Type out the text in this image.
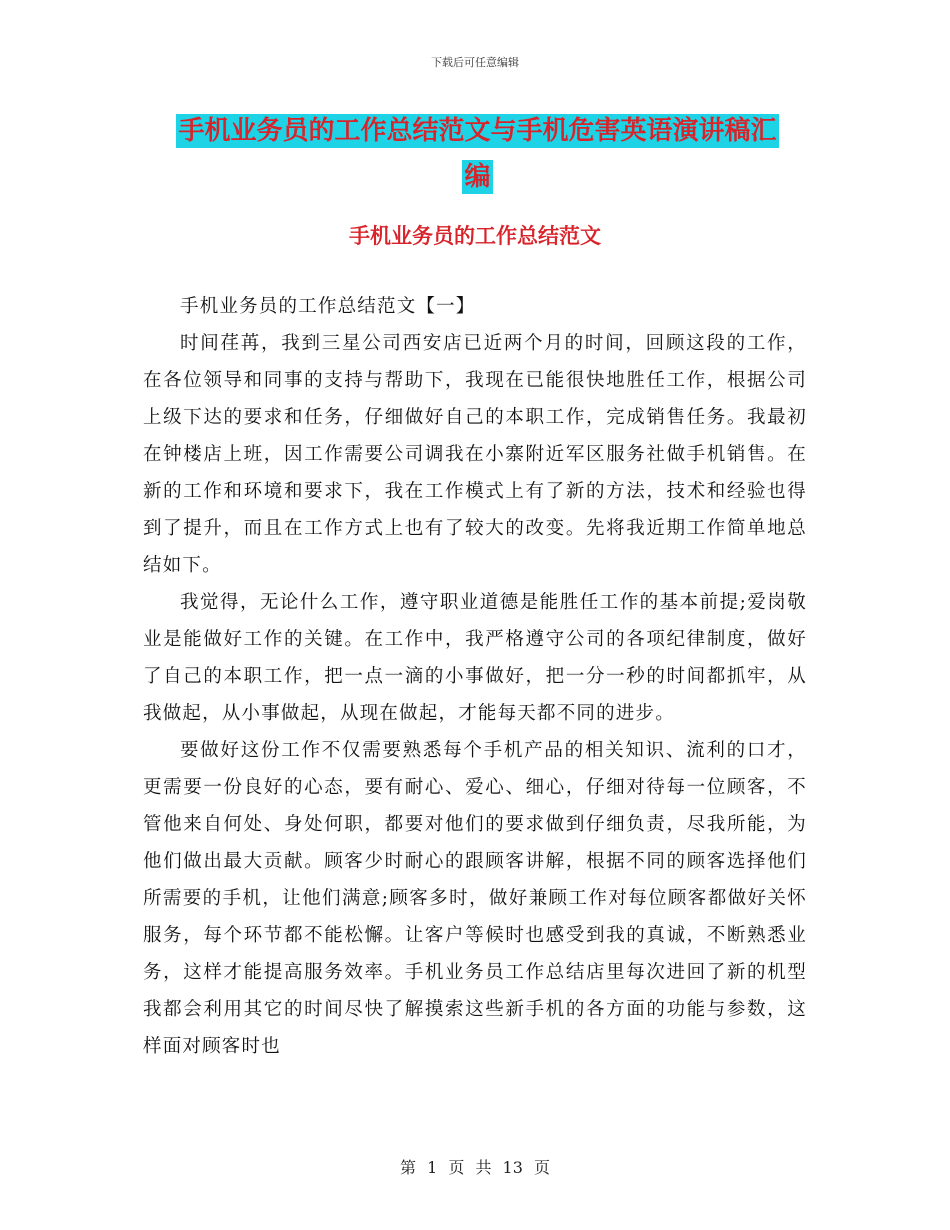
下载后可任意编辑
手机业务员的工作总结范文与手机危害英语演讲稿汇
编
手机业务员的工作总结范文

手机业务员的工作总结范文【一】

时间荏苒，我到三星公司西安店已近两个月的时间，回顾这段的工作，在各位领导和同事的支持与帮助下，我现在已能很快地胜任工作，根据公司上级下达的要求和任务，仔细做好自己的本职工作，完成销售任务。我最初在钟楼店上班，因工作需要公司调我在小寨附近军区服务社做手机销售。在新的工作和环境和要求下，我在工作模式上有了新的方法，技术和经验也得到了提升，而且在工作方式上也有了较大的改变。先将我近期工作简单地总结如下。

我觉得，无论什么工作，遵守职业道德是能胜任工作的基本前提;爱岗敬业是能做好工作的关键。在工作中，我严格遵守公司的各项纪律制度，做好了自己的本职工作，把一点一滴的小事做好，把一分一秒的时间都抓牢，从我做起，从小事做起，从现在做起，才能每天都不同的进步。

要做好这份工作不仅需要熟悉每个手机产品的相关知识、流利的口才，更需要一份良好的心态，要有耐心、爱心、细心，仔细对待每一位顾客，不管他来自何处、身处何职，都要对他们的要求做到仔细负责，尽我所能，为他们做出最大贡献。顾客少时耐心的跟顾客讲解，根据不同的顾客选择他们所需要的手机，让他们满意;顾客多时，做好兼顾工作对每位顾客都做好关怀服务，每个环节都不能松懈。让客户等候时也感受到我的真诚，不断熟悉业务，这样才能提高服务效率。手机业务员工作总结店里每次进回了新的机型我都会利用其它的时间尽快了解摸索这些新手机的各方面的功能与参数，这样面对顾客时也

第 1 页 共 13 页
